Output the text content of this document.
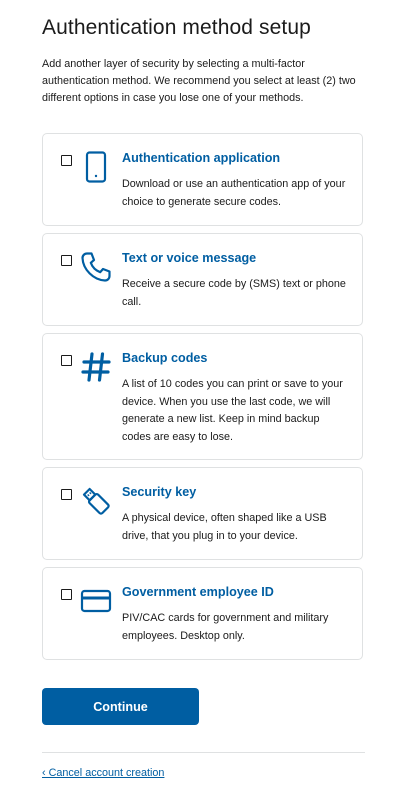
Authentication method setup

Add another layer of security by selecting a multi-factor authentication method. We recommend you select at least (2) two different options in case you lose one of your methods.

Authentication application
Download or use an authentication app of your choice to generate secure codes.
Text or voice message
Receive a secure code by (SMS) text or phone call.
Backup codes
A list of 10 codes you can print or save to your device. When you use the last code, we will generate a new list. Keep in mind backup codes are easy to lose.
Security key
A physical device, often shaped like a USB drive, that you plug in to your device.
Government employee ID
PIV/CAC cards for government and military employees. Desktop only.
Continue
‹ Cancel account creation
